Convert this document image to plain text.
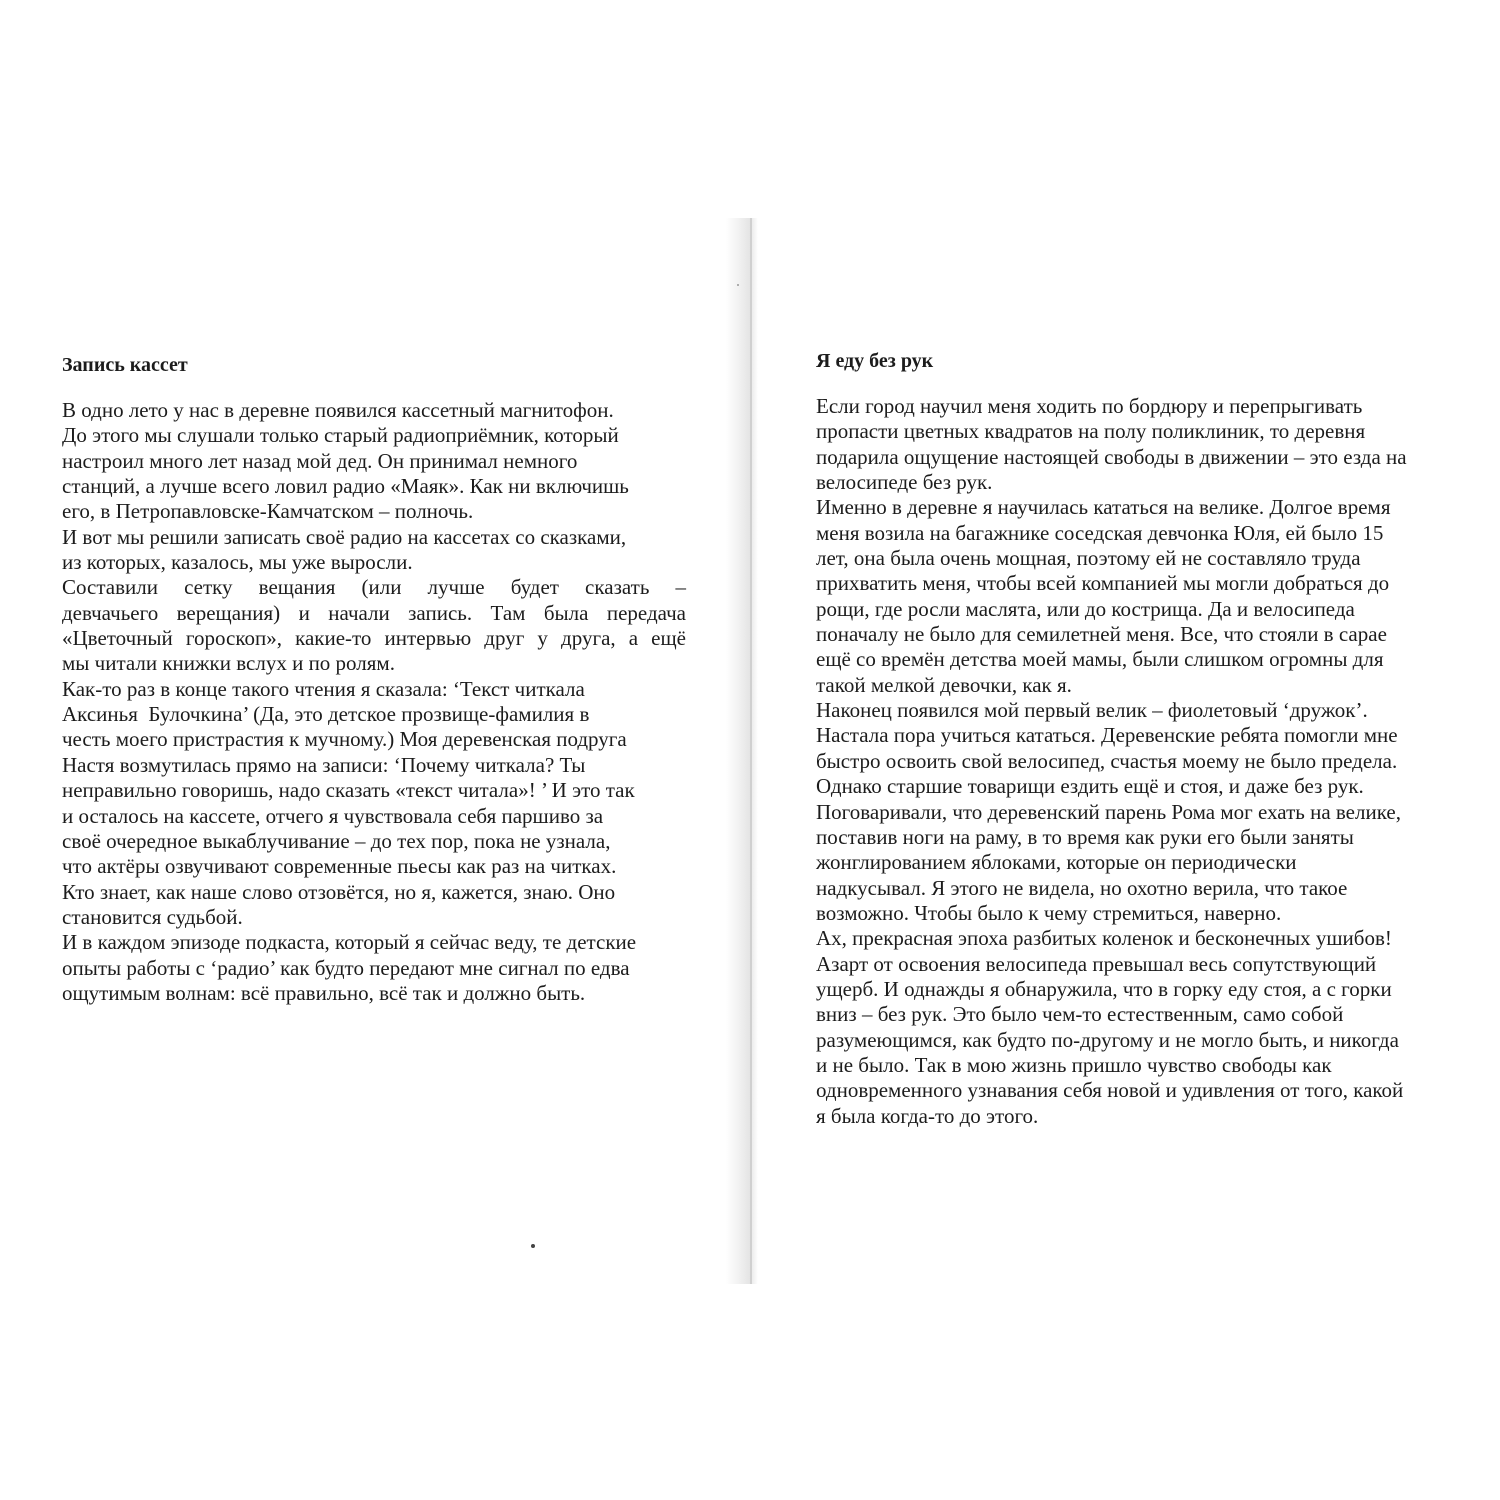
Запись кассет
В одно лето у нас в деревне появился кассетный магнитофон.
До этого мы слушали только старый радиоприёмник, который
настроил много лет назад мой дед. Он принимал немного
станций, а лучше всего ловил радио «Маяк». Как ни включишь
его, в Петропавловске-Камчатском – полночь.
И вот мы решили записать своё радио на кассетах со сказками,
из которых, казалось, мы уже выросли.
Составили сетку вещания (или лучше будет сказать –
девчачьего верещания) и начали запись. Там была передача
«Цветочный гороскоп», какие-то интервью друг у друга, а ещё
мы читали книжки вслух и по ролям.
Как-то раз в конце такого чтения я сказала: ‘Текст читкала
Аксинья  Булочкина’ (Да, это детское прозвище-фамилия в
честь моего пристрастия к мучному.) Моя деревенская подруга
Настя возмутилась прямо на записи: ‘Почему читкала? Ты
неправильно говоришь, надо сказать «текст читала»! ’ И это так
и осталось на кассете, отчего я чувствовала себя паршиво за
своё очередное выкаблучивание – до тех пор, пока не узнала,
что актёры озвучивают современные пьесы как раз на читках.
Кто знает, как наше слово отзовётся, но я, кажется, знаю. Оно
становится судьбой.
И в каждом эпизоде подкаста, который я сейчас веду, те детские
опыты работы с ‘радио’ как будто передают мне сигнал по едва
ощутимым волнам: всё правильно, всё так и должно быть.
Я еду без рук
Если город научил меня ходить по бордюру и перепрыгивать
пропасти цветных квадратов на полу поликлиник, то деревня
подарила ощущение настоящей свободы в движении – это езда на
велосипеде без рук.
Именно в деревне я научилась кататься на велике. Долгое время
меня возила на багажнике соседская девчонка Юля, ей было 15
лет, она была очень мощная, поэтому ей не составляло труда
прихватить меня, чтобы всей компанией мы могли добраться до
рощи, где росли маслята, или до кострища. Да и велосипеда
поначалу не было для семилетней меня. Все, что стояли в сарае
ещё со времён детства моей мамы, были слишком огромны для
такой мелкой девочки, как я.
Наконец появился мой первый велик – фиолетовый ‘дружок’.
Настала пора учиться кататься. Деревенские ребята помогли мне
быстро освоить свой велосипед, счастья моему не было предела.
Однако старшие товарищи ездить ещё и стоя, и даже без рук.
Поговаривали, что деревенский парень Рома мог ехать на велике,
поставив ноги на раму, в то время как руки его были заняты
жонглированием яблоками, которые он периодически
надкусывал. Я этого не видела, но охотно верила, что такое
возможно. Чтобы было к чему стремиться, наверно.
Ах, прекрасная эпоха разбитых коленок и бесконечных ушибов!
Азарт от освоения велосипеда превышал весь сопутствующий
ущерб. И однажды я обнаружила, что в горку еду стоя, а с горки
вниз – без рук. Это было чем-то естественным, само собой
разумеющимся, как будто по-другому и не могло быть, и никогда
и не было. Так в мою жизнь пришло чувство свободы как
одновременного узнавания себя новой и удивления от того, какой
я была когда-то до этого.
